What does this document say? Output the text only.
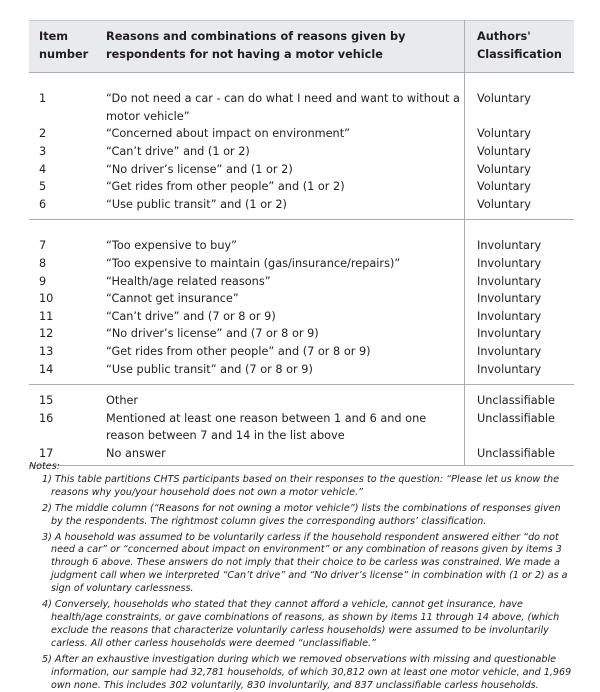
Item number	Reasons and combinations of reasons given by respondents for not having a motor vehicle	Authors' Classification
1	“Do not need a car - can do what I need and want to without a motor vehicle”	Voluntary
2	“Concerned about impact on environment”	Voluntary
3	“Can’t drive” and (1 or 2)	Voluntary
4	“No driver’s license” and (1 or 2)	Voluntary
5	“Get rides from other people” and (1 or 2)	Voluntary
6	“Use public transit” and (1 or 2)	Voluntary
7	“Too expensive to buy”	Involuntary
8	“Too expensive to maintain (gas/insurance/repairs)”	Involuntary
9	“Health/age related reasons”	Involuntary
10	“Cannot get insurance”	Involuntary
11	“Can’t drive” and (7 or 8 or 9)	Involuntary
12	“No driver’s license” and (7 or 8 or 9)	Involuntary
13	“Get rides from other people” and (7 or 8 or 9)	Involuntary
14	“Use public transit” and (7 or 8 or 9)	Involuntary
15	Other	Unclassifiable
16	Mentioned at least one reason between 1 and 6 and one reason between 7 and 14 in the list above	Unclassifiable
17	No answer	Unclassifiable

Notes:

1) This table partitions CHTS participants based on their responses to the question: “Please let us know the reasons why you/your household does not own a motor vehicle.”

2) The middle column (“Reasons for not owning a motor vehicle”) lists the combinations of responses given by the respondents. The rightmost column gives the corresponding authors’ classification.

3) A household was assumed to be voluntarily carless if the household respondent answered either “do not need a car” or “concerned about impact on environment” or any combination of reasons given by items 3 through 6 above. These answers do not imply that their choice to be carless was constrained. We made a judgment call when we interpreted “Can’t drive” and “No driver’s license” in combination with (1 or 2) as a sign of voluntary carlessness.

4) Conversely, households who stated that they cannot afford a vehicle, cannot get insurance, have health/age constraints, or gave combinations of reasons, as shown by items 11 through 14 above, (which exclude the reasons that characterize voluntarily carless households) were assumed to be involuntarily carless. All other carless households were deemed “unclassifiable.”

5) After an exhaustive investigation during which we removed observations with missing and questionable information, our sample had 32,781 households, of which 30,812 own at least one motor vehicle, and 1,969 own none. This includes 302 voluntarily, 830 involuntarily, and 837 unclassifiable carless households.
